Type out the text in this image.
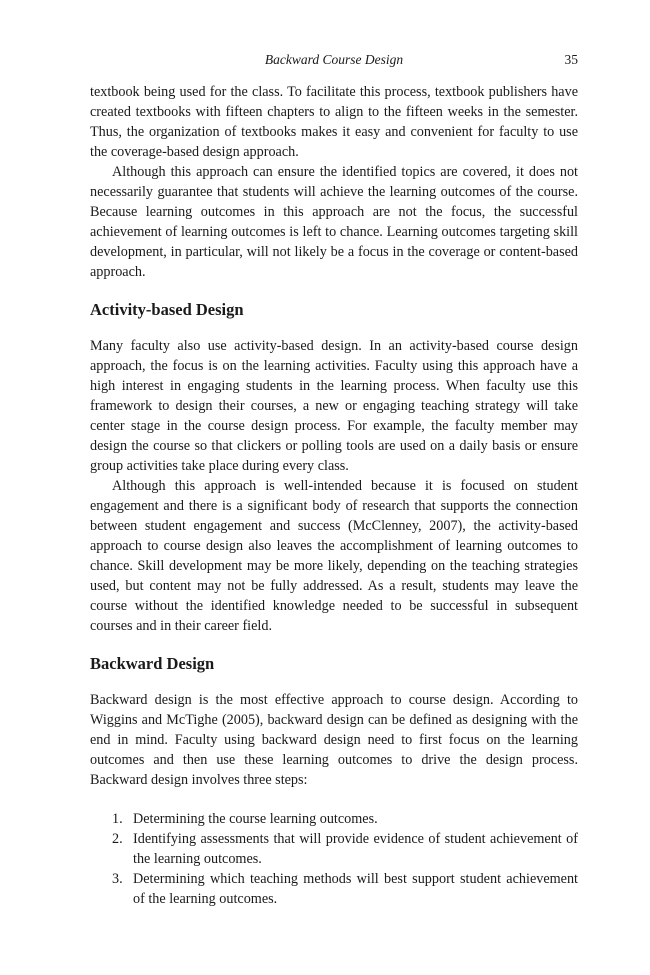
Backward Course Design	35

textbook being used for the class. To facilitate this process, textbook publishers have created textbooks with fifteen chapters to align to the fifteen weeks in the semester. Thus, the organization of textbooks makes it easy and convenient for faculty to use the coverage-based design approach.

Although this approach can ensure the identified topics are covered, it does not necessarily guarantee that students will achieve the learning outcomes of the course. Because learning outcomes in this approach are not the focus, the successful achievement of learning outcomes is left to chance. Learning outcomes targeting skill development, in particular, will not likely be a focus in the coverage or content-based approach.

Activity-based Design

Many faculty also use activity-based design. In an activity-based course design approach, the focus is on the learning activities. Faculty using this approach have a high interest in engaging students in the learning process. When faculty use this framework to design their courses, a new or engaging teaching strategy will take center stage in the course design process. For example, the faculty member may design the course so that clickers or polling tools are used on a daily basis or ensure group activities take place during every class.

Although this approach is well-intended because it is focused on student engagement and there is a significant body of research that supports the connection between student engagement and success (McClenney, 2007), the activity-based approach to course design also leaves the accomplishment of learning outcomes to chance. Skill development may be more likely, depending on the teaching strategies used, but content may not be fully addressed. As a result, students may leave the course without the identified knowledge needed to be successful in subsequent courses and in their career field.

Backward Design

Backward design is the most effective approach to course design. According to Wiggins and McTighe (2005), backward design can be defined as designing with the end in mind. Faculty using backward design need to first focus on the learning outcomes and then use these learning outcomes to drive the design process. Backward design involves three steps:

1. Determining the course learning outcomes.
2. Identifying assessments that will provide evidence of student achievement of the learning outcomes.
3. Determining which teaching methods will best support student achievement of the learning outcomes.
